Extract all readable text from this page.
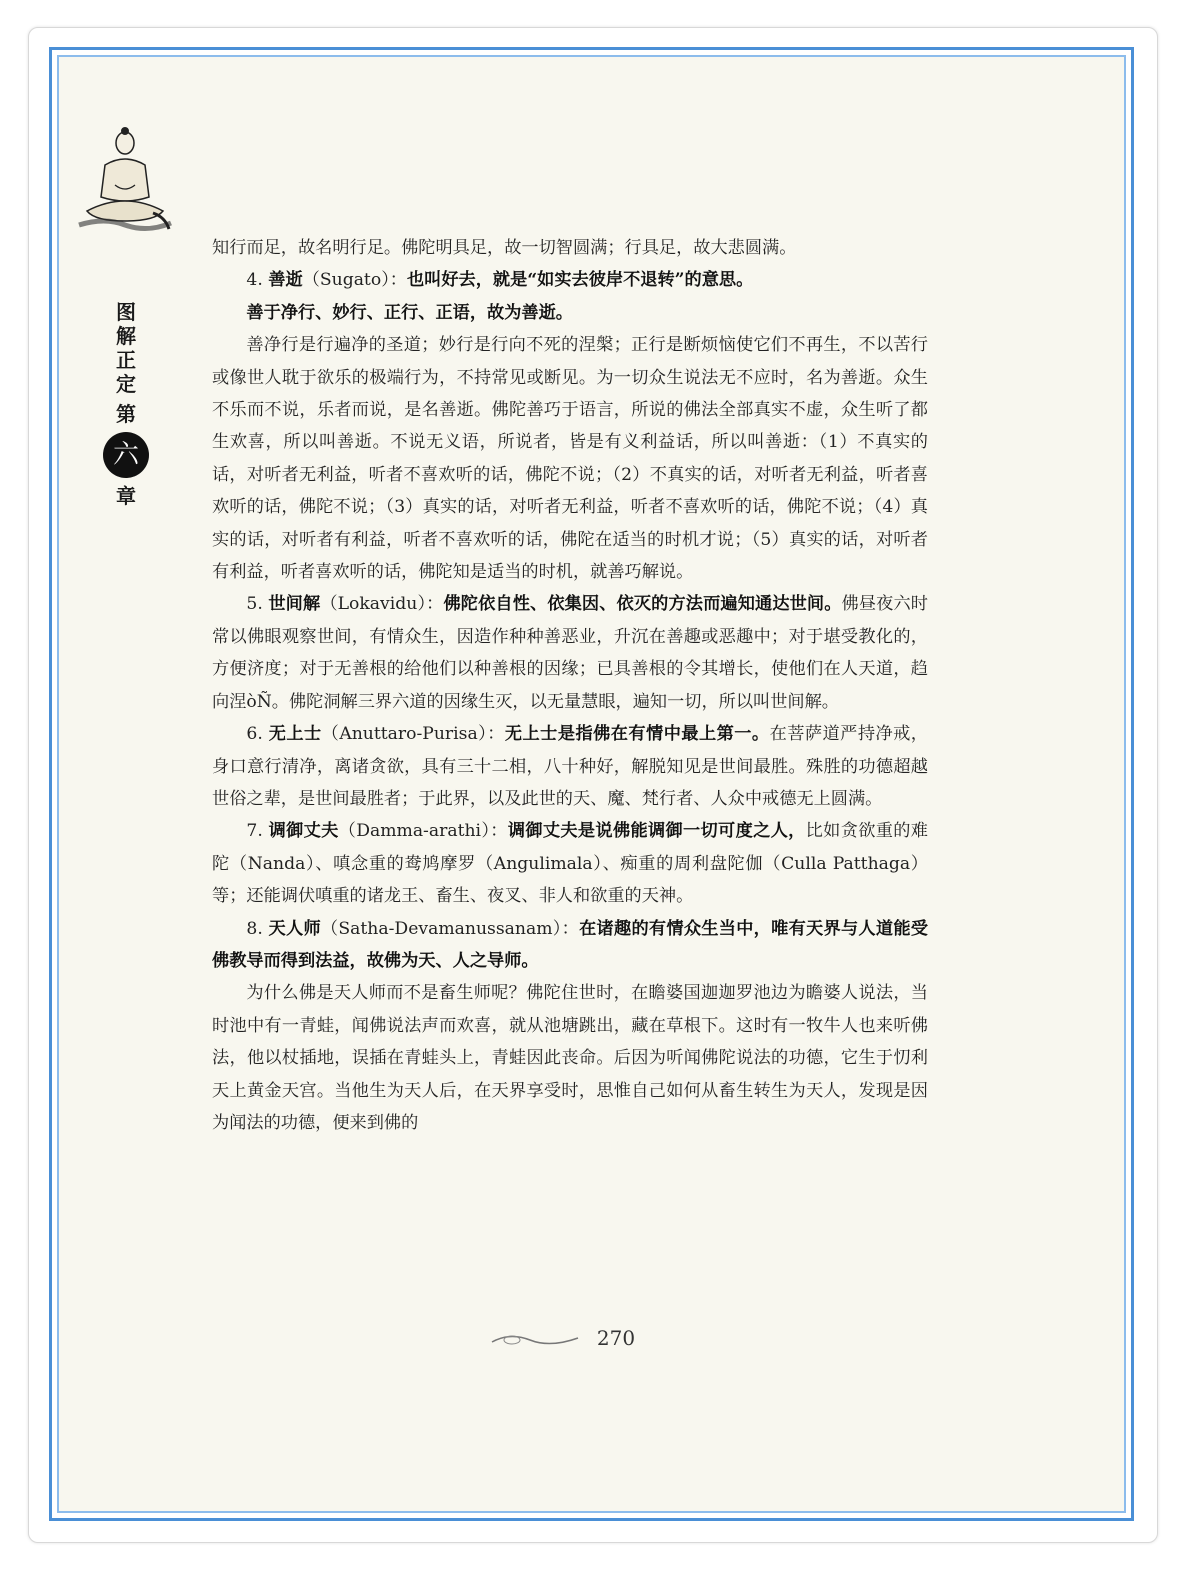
图
解
正
定
第
六
章

知行而足，故名明行足。佛陀明具足，故一切智圆满；行具足，故大悲圆满。

4. 善逝（Sugato）：也叫好去，就是“如实去彼岸不退转”的意思。

善于净行、妙行、正行、正语，故为善逝。

善净行是行遍净的圣道；妙行是行向不死的涅槃；正行是断烦恼使它们不再生，不以苦行或像世人耽于欲乐的极端行为，不持常见或断见。为一切众生说法无不应时，名为善逝。众生不乐而不说，乐者而说，是名善逝。佛陀善巧于语言，所说的佛法全部真实不虚，众生听了都生欢喜，所以叫善逝。不说无义语，所说者，皆是有义利益话，所以叫善逝：（1）不真实的话，对听者无利益，听者不喜欢听的话，佛陀不说；（2）不真实的话，对听者无利益，听者喜欢听的话，佛陀不说；（3）真实的话，对听者无利益，听者不喜欢听的话，佛陀不说；（4）真实的话，对听者有利益，听者不喜欢听的话，佛陀在适当的时机才说；（5）真实的话，对听者有利益，听者喜欢听的话，佛陀知是适当的时机，就善巧解说。

5. 世间解（Lokavidu）：佛陀依自性、依集因、依灭的方法而遍知通达世间。佛昼夜六时常以佛眼观察世间，有情众生，因造作种种善恶业，升沉在善趣或恶趣中；对于堪受教化的，方便济度；对于无善根的给他们以种善根的因缘；已具善根的令其增长，使他们在人天道，趋向涅òÑ。佛陀洞解三界六道的因缘生灭，以无量慧眼，遍知一切，所以叫世间解。

6. 无上士（Anuttaro-Purisa）：无上士是指佛在有情中最上第一。在菩萨道严持净戒，身口意行清净，离诸贪欲，具有三十二相，八十种好，解脱知见是世间最胜。殊胜的功德超越世俗之辈，是世间最胜者；于此界，以及此世的天、魔、梵行者、人众中戒德无上圆满。

7. 调御丈夫（Damma-arathi）：调御丈夫是说佛能调御一切可度之人，比如贪欲重的难陀（Nanda）、嗔念重的鸯鸠摩罗（Angulimala）、痴重的周利盘陀伽（Culla Patthaga）等；还能调伏嗔重的诸龙王、畜生、夜叉、非人和欲重的天神。

8. 天人师（Satha-Devamanussanam）：在诸趣的有情众生当中，唯有天界与人道能受佛教导而得到法益，故佛为天、人之导师。

为什么佛是天人师而不是畜生师呢？佛陀住世时，在瞻婆国迦迦罗池边为瞻婆人说法，当时池中有一青蛙，闻佛说法声而欢喜，就从池塘跳出，藏在草根下。这时有一牧牛人也来听佛法，他以杖插地，误插在青蛙头上，青蛙因此丧命。后因为听闻佛陀说法的功德，它生于忉利天上黄金天宫。当他生为天人后，在天界享受时，思惟自己如何从畜生转生为天人，发现是因为闻法的功德，便来到佛的

270
